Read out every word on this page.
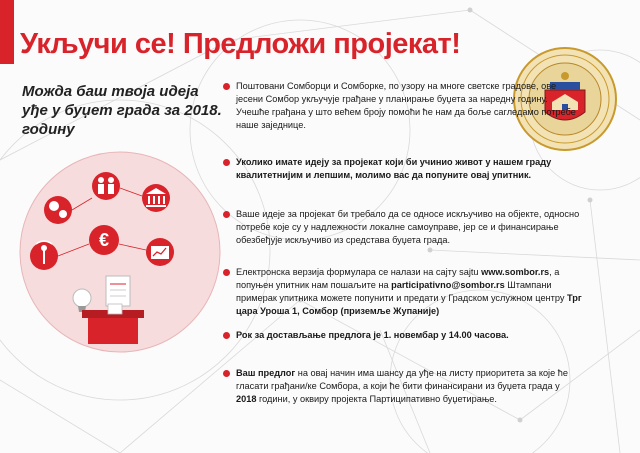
Укључи се! Предложи пројекат!
Можда баш твоја идеја уђе у буџет града за 2018. годину
€
Поштовани Сомборци и Сомборке, по узору на многе светске градове, ове јесени Сомбор укључује грађане у планирање буџета за наредну годину. Учешће грађана у што већем броју помоћи ће нам да боље сагледамо потребе наше заједнице.
Уколико имате идеју за пројекат који би учинио живот у нашем граду квалитетнијим и лепшим, молимо вас да попуните овај упитник.
Ваше идеје за пројекат би требало да се односе искључиво на објекте, односно потребе које су у надлежности локалне самоуправе, јер се и финансирање обезбеђује искључиво из средстава буџета града.
Електронска верзија формулара се налази на сајту sajtu www.sombor.rs, а попуњен упитник нам пошаљите на participativno@sombor.rs Штампани примерак упитника можете попунити и предати у Градском услужном центру Трг цара Уроша 1, Сомбор (приземље Жупаније)
Рок за достављање предлога је 1. новембар у 14.00 часова.
Ваш предлог на овај начин има шансу да уђе на листу приоритета за које ће гласати грађани/ке Сомбора, а који ће бити финансирани из буџета града у 2018 години, у оквиру пројекта Партиципативно буџетирање.
